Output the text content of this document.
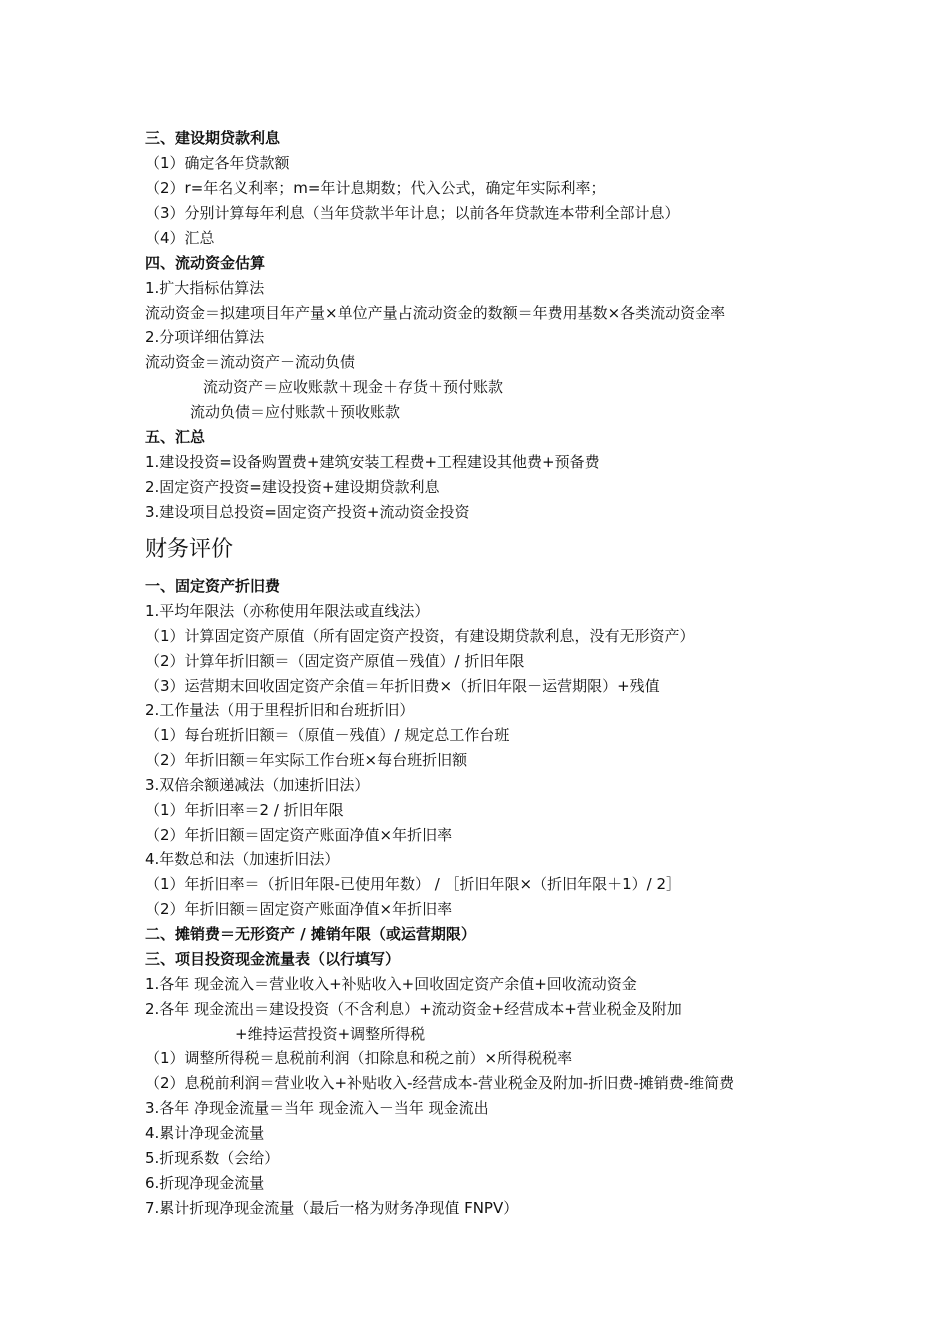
三、建设期贷款利息

（1）确定各年贷款额

（2）r=年名义利率；m=年计息期数；代入公式，确定年实际利率；

（3）分别计算每年利息（当年贷款半年计息；以前各年贷款连本带利全部计息）

（4）汇总

四、流动资金估算

1.扩大指标估算法

流动资金＝拟建项目年产量×单位产量占流动资金的数额＝年费用基数×各类流动资金率

2.分项详细估算法

流动资金＝流动资产－流动负债

流动资产＝应收账款＋现金＋存货＋预付账款

流动负债＝应付账款＋预收账款

五、汇总

1.建设投资=设备购置费+建筑安装工程费+工程建设其他费+预备费

2.固定资产投资=建设投资+建设期贷款利息

3.建设项目总投资=固定资产投资+流动资金投资

财务评价

一、固定资产折旧费

1.平均年限法（亦称使用年限法或直线法）

（1）计算固定资产原值（所有固定资产投资，有建设期贷款利息，没有无形资产）

（2）计算年折旧额＝（固定资产原值－残值）/ 折旧年限

（3）运营期末回收固定资产余值＝年折旧费×（折旧年限－运营期限）+残值

2.工作量法（用于里程折旧和台班折旧）

（1）每台班折旧额＝（原值－残值）/ 规定总工作台班

（2）年折旧额＝年实际工作台班×每台班折旧额

3.双倍余额递减法（加速折旧法）

（1）年折旧率＝2 / 折旧年限

（2）年折旧额＝固定资产账面净值×年折旧率

4.年数总和法（加速折旧法）

（1）年折旧率＝（折旧年限-已使用年数） / ［折旧年限×（折旧年限＋1）/ 2］

（2）年折旧额＝固定资产账面净值×年折旧率

二、摊销费＝无形资产 / 摊销年限（或运营期限）

三、项目投资现金流量表（以行填写）

1.各年 现金流入＝营业收入+补贴收入+回收固定资产余值+回收流动资金

2.各年 现金流出＝建设投资（不含利息）+流动资金+经营成本+营业税金及附加

+维持运营投资+调整所得税

（1）调整所得税＝息税前利润（扣除息和税之前）×所得税税率

（2）息税前利润＝营业收入+补贴收入-经营成本-营业税金及附加-折旧费-摊销费-维简费

3.各年 净现金流量＝当年 现金流入－当年 现金流出

4.累计净现金流量

5.折现系数（会给）

6.折现净现金流量

7.累计折现净现金流量（最后一格为财务净现值 FNPV）
